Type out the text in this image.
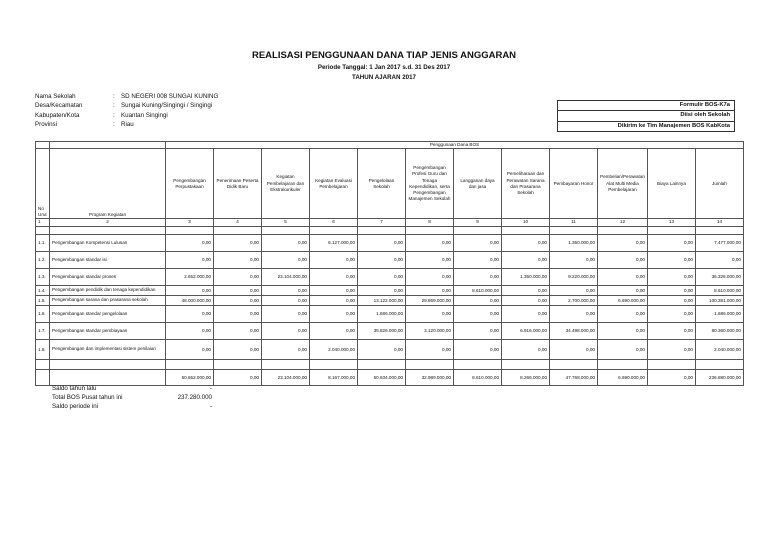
REALISASI PENGGUNAAN DANA TIAP JENIS ANGGARAN
Periode Tanggal: 1 Jan 2017 s.d. 31 Des 2017
TAHUN AJARAN 2017
Nama Sekolah	:	SD NEGERI 008 SUNGAI KUNING
Desa/Kecamatan	:	Sungai Kuning/Singingi / Singingi
Kabupaten/Kota	:	Kuantan Singingi
Provinsi	:	Riau
Formulir BOS-K7a
Diisi oleh Sekolah
Dikirim ke Tim Manajemen BOS KabKota
		Penggunaan Dana BOS											
No Urut	Program Kegiatan	Pengembangan Perpustakaan	Penerimaan Peserta Didik Baru	Kegiatan Pembelajaran dan Ekstrakurikuler	Kegiatan Evaluasi Pembelajaran	Pengelolaan Sekolah	Pengembangan Profesi Guru dan Tenaga Kependidikan, serta Pengembangan Manajemen Sekolah	Langganan daya dan jasa	Pemeliharaan dan Perawatan Sarana dan Prasarana Sekolah	Pembayaran Honor	Pembelian/Perawatan Alat Multi Media Pembelajaran	Biaya Lainnya	Jumlah
1	2	3	4	5	6	7	8	9	10	11	12	13	14

1.1.	Pengembangan Kompetensi Lulusan	0,00	0,00	0,00	6.127.000,00	0,00	0,00	0,00	0,00	1.350.000,00	0,00	0,00	7.477.000,00
1.2.	Pengembangan standar isi	0,00	0,00	0,00	0,00	0,00	0,00	0,00	0,00	0,00	0,00	0,00	0,00
1.3.	Pengembangan standar proses	2.652.000,00	0,00	23.104.000,00	0,00	0,00	0,00	0,00	1.350.000,00	9.220.000,00	0,00	0,00	36.326.000,00
1.4.	Pengembangan pendidik dan tenaga kependidikan	0,00	0,00	0,00	0,00	0,00	0,00	8.610.000,00	0,00	0,00	0,00	0,00	8.610.000,00
1.5.	Pengembangan sarana dan prasarana sekolah	48.000.000,00	0,00	0,00	0,00	13.122.000,00	29.869.000,00	0,00	0,00	2.700.000,00	6.690.000,00	0,00	100.381.000,00
1.6.	Pengembangan standar pengelolaan	0,00	0,00	0,00	0,00	1.686.000,00	0,00	0,00	0,00	0,00	0,00	0,00	1.686.000,00
1.7.	Pengembangan standar pembiayaan	0,00	0,00	0,00	0,00	35.826.000,00	3.120.000,00	0,00	6.916.000,00	34.498.000,00	0,00	0,00	80.360.000,00
1.8.	Pengembangan dan implementasi sistem penilaian	0,00	0,00	0,00	2.040.000,00	0,00	0,00	0,00	0,00	0,00	0,00	0,00	2.040.000,00

		50.652.000,00	0,00	23.104.000,00	8.167.000,00	50.634.000,00	32.989.000,00	8.610.000,00	8.266.000,00	47.768.000,00	6.690.000,00	0,00	236.880.000,00
Saldo tahun lalu	-
Total BOS Pusat tahun ini	237.280.000
Saldo periode ini	-
